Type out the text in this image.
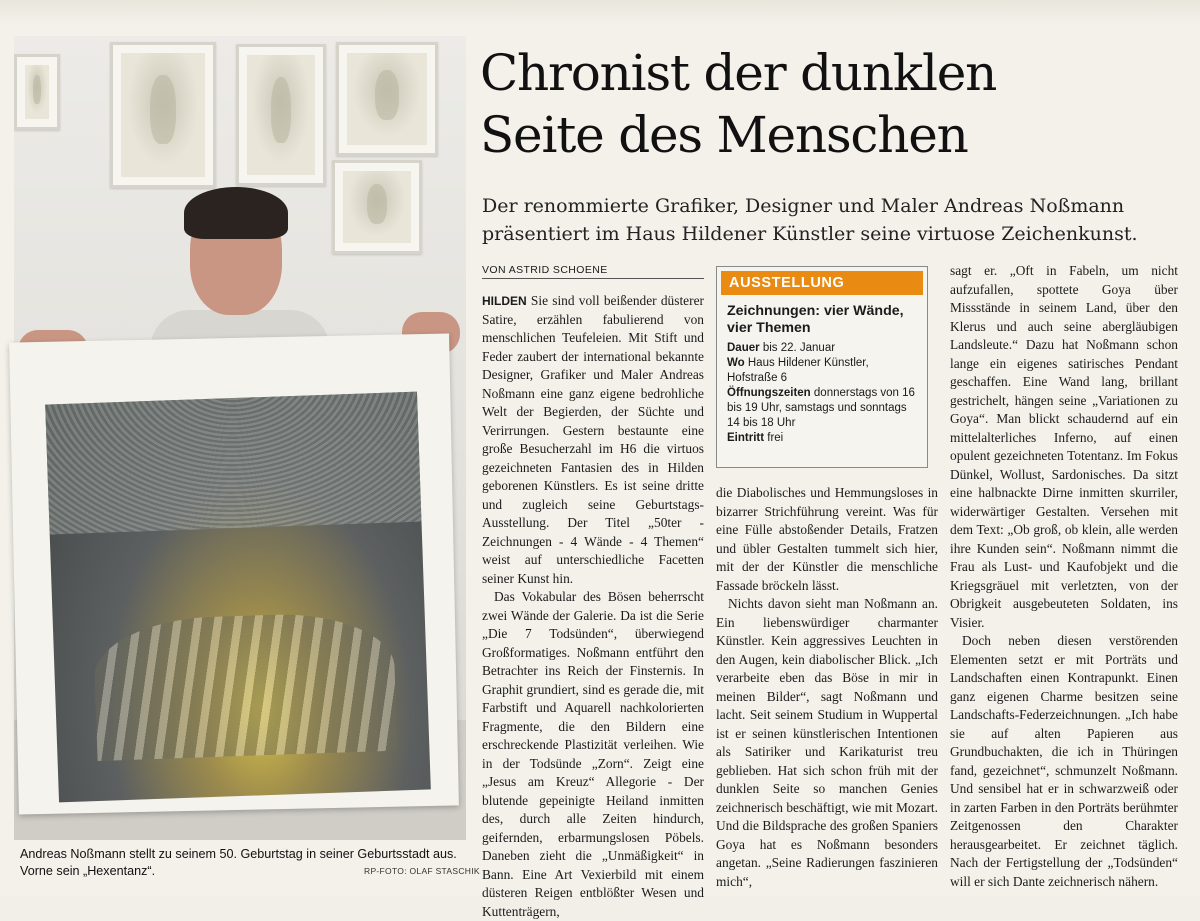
Andreas Noßmann stellt zu seinem 50. Geburtstag in seiner Geburtsstadt aus. Vorne sein „Hexentanz“.	RP-FOTO: OLAF STASCHIK
Chronist der dunklen
Seite des Menschen

Der renommierte Grafiker, Designer und Maler Andreas Noßmann präsentiert im Haus Hildener Künstler seine virtuose Zeichenkunst.

VON ASTRID SCHOENE

HILDEN Sie sind voll beißender düsterer Satire, erzählen fabulierend von menschlichen Teufeleien. Mit Stift und Feder zaubert der international bekannte Designer, Grafiker und Maler Andreas Noßmann eine ganz eigene bedrohliche Welt der Begierden, der Süchte und Verirrungen. Gestern bestaunte eine große Besucherzahl im H6 die virtuos gezeichneten Fantasien des in Hilden geborenen Künstlers. Es ist seine dritte und zugleich seine Geburtstags-Ausstellung. Der Titel „50ter - Zeichnungen - 4 Wände - 4 Themen“ weist auf unterschiedliche Facetten seiner Kunst hin.

Das Vokabular des Bösen beherrscht zwei Wände der Galerie. Da ist die Serie „Die 7 Todsünden“, überwiegend Großformatiges. Noßmann entführt den Betrachter ins Reich der Finsternis. In Graphit grundiert, sind es gerade die, mit Farbstift und Aquarell nachkolorierten Fragmente, die den Bildern eine erschreckende Plastizität verleihen. Wie in der Todsünde „Zorn“. Zeigt eine „Jesus am Kreuz“ Allegorie - Der blutende gepeinigte Heiland inmitten des, durch alle Zeiten hindurch, geifernden, erbarmungslosen Pöbels. Daneben zieht die „Unmäßigkeit“ in Bann. Eine Art Vexierbild mit einem düsteren Reigen entblößter Wesen und Kuttenträgern,

AUSSTELLUNG
Zeichnungen: vier Wände, vier Themen
Dauer bis 22. Januar
Wo Haus Hildener Künstler, Hofstraße 6
Öffnungszeiten donnerstags von 16 bis 19 Uhr, samstags und sonntags 14 bis 18 Uhr
Eintritt frei

die Diabolisches und Hemmungsloses in bizarrer Strichführung vereint. Was für eine Fülle abstoßender Details, Fratzen und übler Gestalten tummelt sich hier, mit der der Künstler die menschliche Fassade bröckeln lässt.

Nichts davon sieht man Noßmann an. Ein liebenswürdiger charmanter Künstler. Kein aggressives Leuchten in den Augen, kein diabolischer Blick. „Ich verarbeite eben das Böse in mir in meinen Bilder“, sagt Noßmann und lacht. Seit seinem Studium in Wuppertal ist er seinen künstlerischen Intentionen als Satiriker und Karikaturist treu geblieben. Hat sich schon früh mit der dunklen Seite so manchen Genies zeichnerisch beschäftigt, wie mit Mozart. Und die Bildsprache des großen Spaniers Goya hat es Noßmann besonders angetan. „Seine Radierungen faszinieren mich“,

sagt er. „Oft in Fabeln, um nicht aufzufallen, spottete Goya über Missstände in seinem Land, über den Klerus und auch seine abergläubigen Landsleute.“ Dazu hat Noßmann schon lange ein eigenes satirisches Pendant geschaffen. Eine Wand lang, brillant gestrichelt, hängen seine „Variationen zu Goya“. Man blickt schaudernd auf ein mittelalterliches Inferno, auf einen opulent gezeichneten Totentanz. Im Fokus Dünkel, Wollust, Sardonisches. Da sitzt eine halbnackte Dirne inmitten skurriler, widerwärtiger Gestalten. Versehen mit dem Text: „Ob groß, ob klein, alle werden ihre Kunden sein“. Noßmann nimmt die Frau als Lust- und Kaufobjekt und die Kriegsgräuel mit verletzten, von der Obrigkeit ausgebeuteten Soldaten, ins Visier.

Doch neben diesen verstörenden Elementen setzt er mit Porträts und Landschaften einen Kontrapunkt. Einen ganz eigenen Charme besitzen seine Landschafts-Federzeichnungen. „Ich habe sie auf alten Papieren aus Grundbuchakten, die ich in Thüringen fand, gezeichnet“, schmunzelt Noßmann. Und sensibel hat er in schwarzweiß oder in zarten Farben in den Porträts berühmter Zeitgenossen den Charakter herausgearbeitet. Er zeichnet täglich. Nach der Fertigstellung der „Todsünden“ will er sich Dante zeichnerisch nähern.
